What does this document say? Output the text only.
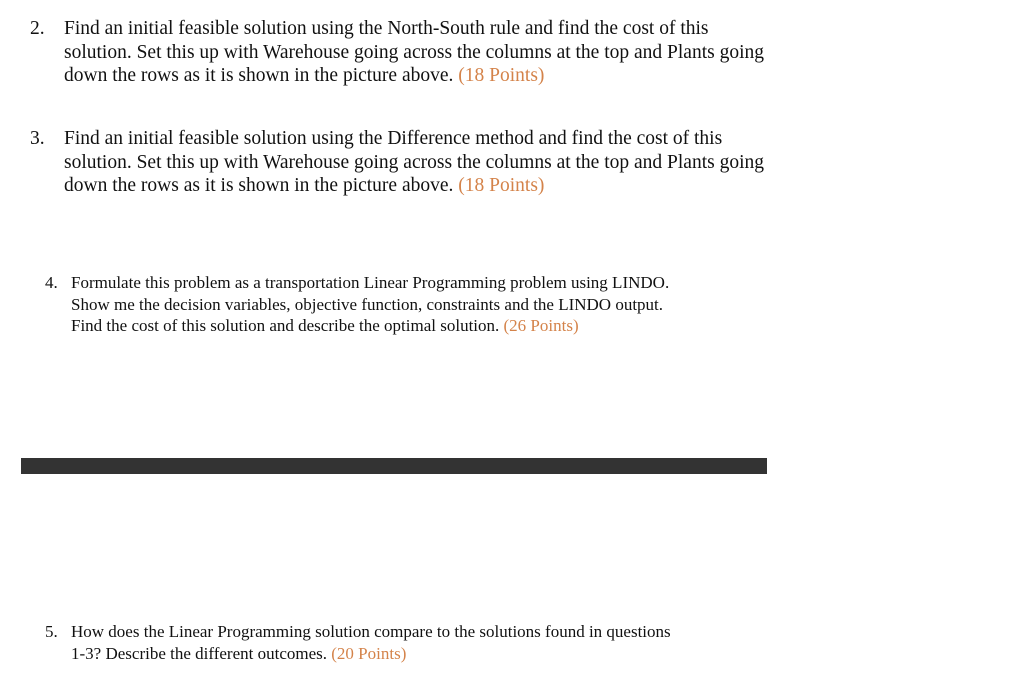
2. Find an initial feasible solution using the North-South rule and find the cost of this
solution. Set this up with Warehouse going across the columns at the top and Plants going
down the rows as it is shown in the picture above. (18 Points)
3. Find an initial feasible solution using the Difference method and find the cost of this
solution. Set this up with Warehouse going across the columns at the top and Plants going
down the rows as it is shown in the picture above. (18 Points)
4. Formulate this problem as a transportation Linear Programming problem using LINDO.
Show me the decision variables, objective function, constraints and the LINDO output.
Find the cost of this solution and describe the optimal solution. (26 Points)
5. How does the Linear Programming solution compare to the solutions found in questions
1-3? Describe the different outcomes. (20 Points)
